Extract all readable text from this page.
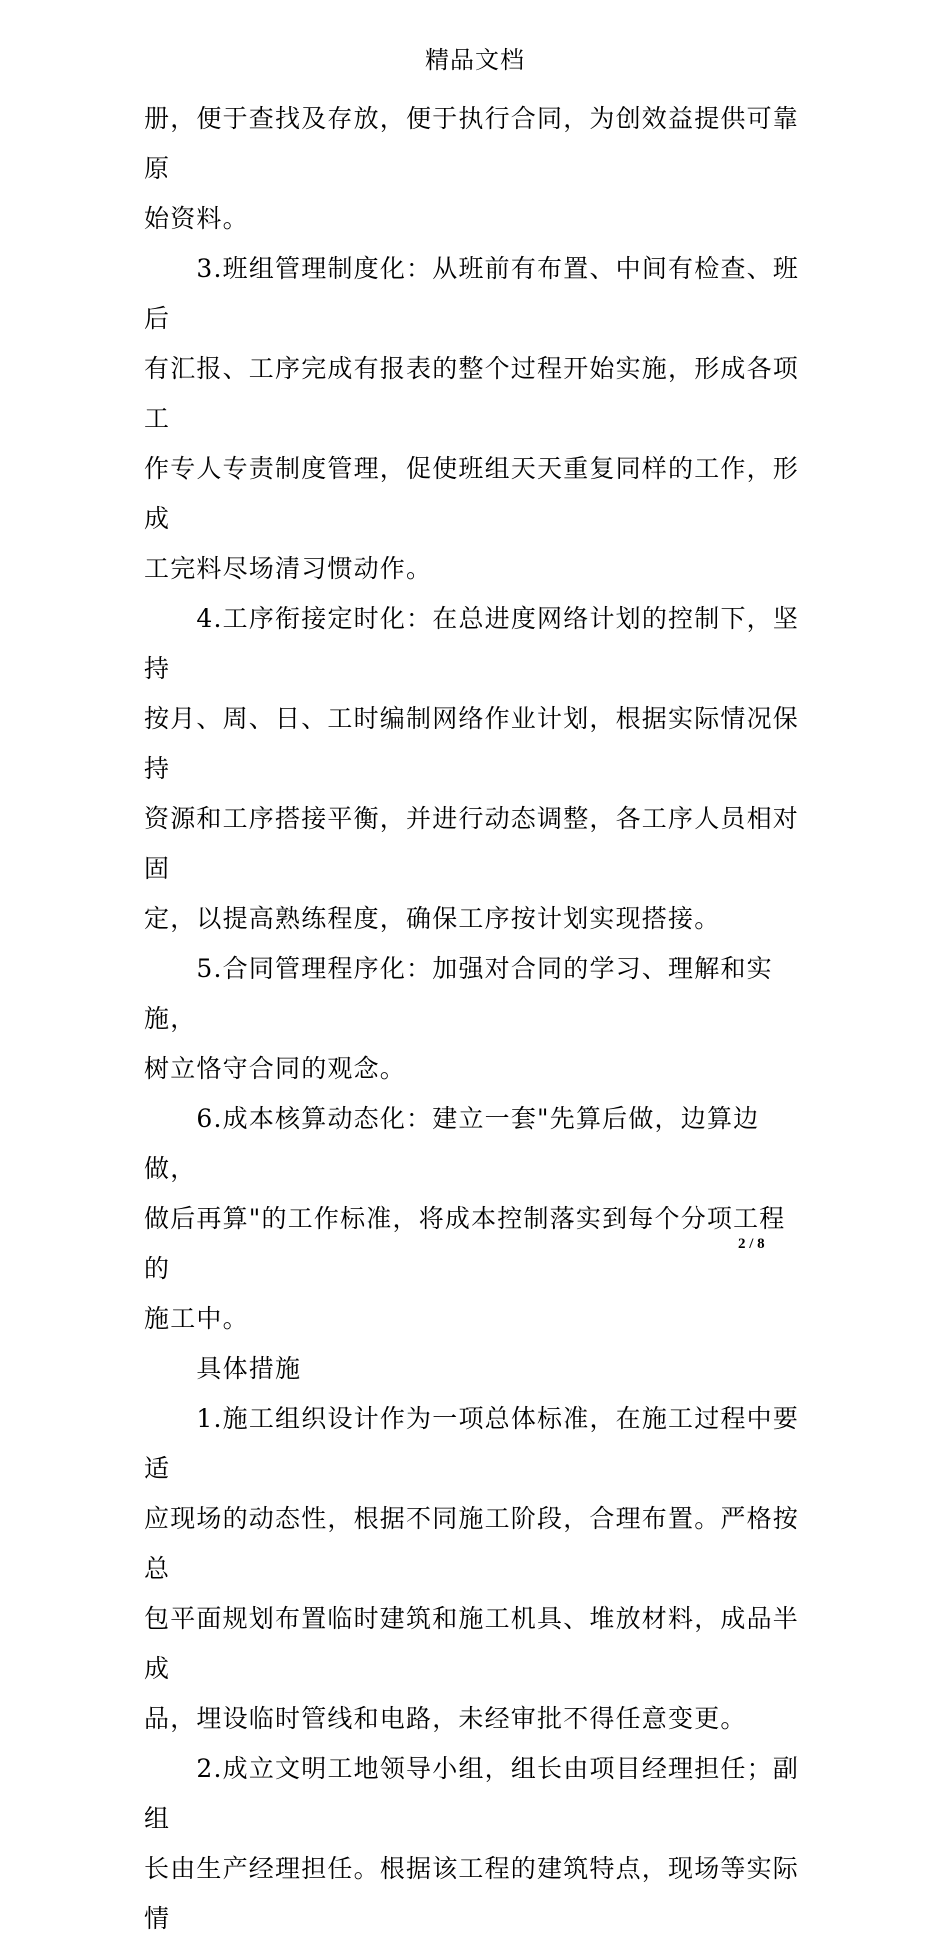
精品文档

册，便于查找及存放，便于执行合同，为创效益提供可靠原
始资料。

　　3.班组管理制度化：从班前有布置、中间有检查、班后
有汇报、工序完成有报表的整个过程开始实施，形成各项工
作专人专责制度管理，促使班组天天重复同样的工作，形成
工完料尽场清习惯动作。

　　4.工序衔接定时化：在总进度网络计划的控制下，坚持
按月、周、日、工时编制网络作业计划，根据实际情况保持
资源和工序搭接平衡，并进行动态调整，各工序人员相对固
定，以提高熟练程度，确保工序按计划实现搭接。

　　5.合同管理程序化：加强对合同的学习、理解和实施，
树立恪守合同的观念。

　　6.成本核算动态化：建立一套"先算后做，边算边做，
做后再算"的工作标准，将成本控制落实到每个分项工程的
施工中。

　　具体措施

　　1.施工组织设计作为一项总体标准，在施工过程中要适
应现场的动态性，根据不同施工阶段，合理布置。严格按总
包平面规划布置临时建筑和施工机具、堆放材料，成品半成
品，埋设临时管线和电路，未经审批不得任意变更。

　　2.成立文明工地领导小组，组长由项目经理担任；副组
长由生产经理担任。根据该工程的建筑特点，现场等实际情

2 / 8
